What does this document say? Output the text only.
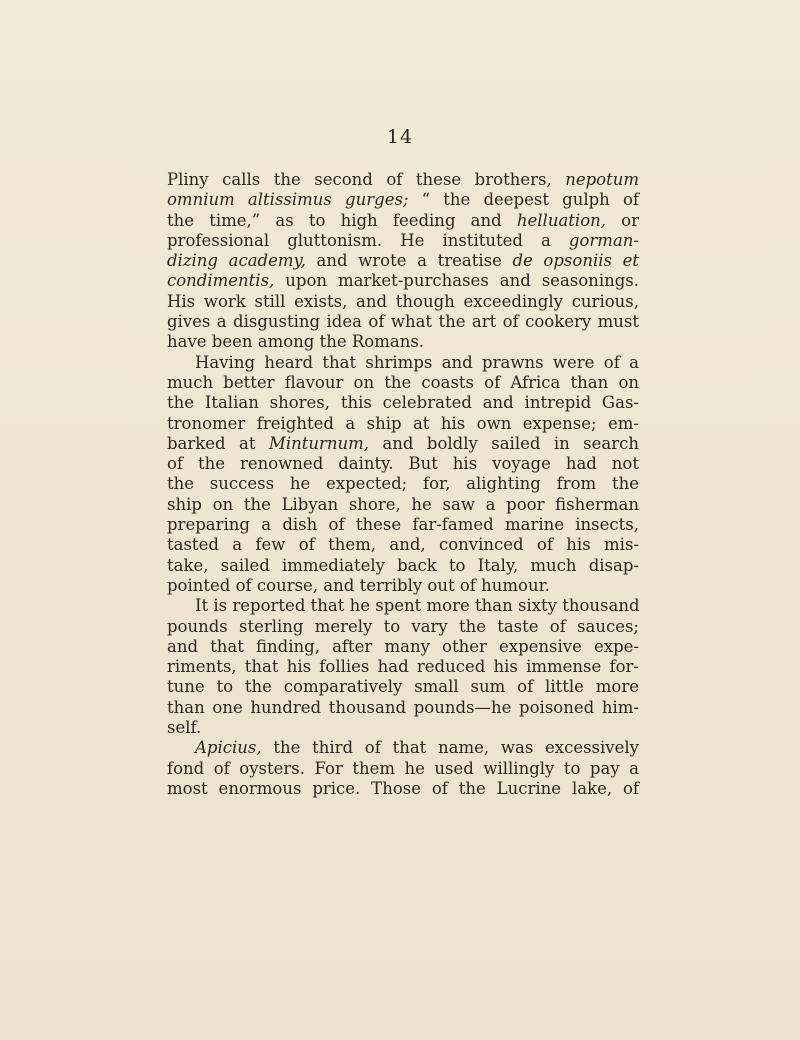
14
Pliny calls the second of these brothers, nepotum
omnium altissimus gurges; “ the deepest gulph of
the time,” as to high feeding and helluation, or
professional gluttonism. He instituted a gorman-
dizing academy, and wrote a treatise de opsoniis et
condimentis, upon market-purchases and seasonings.
His work still exists, and though exceedingly curious,
gives a disgusting idea of what the art of cookery must
have been among the Romans.
Having heard that shrimps and prawns were of a
much better flavour on the coasts of Africa than on
the Italian shores, this celebrated and intrepid Gas-
tronomer freighted a ship at his own expense; em-
barked at Minturnum, and boldly sailed in search
of the renowned dainty. But his voyage had not
the success he expected; for, alighting from the
ship on the Libyan shore, he saw a poor fisherman
preparing a dish of these far-famed marine insects,
tasted a few of them, and, convinced of his mis-
take, sailed immediately back to Italy, much disap-
pointed of course, and terribly out of humour.
It is reported that he spent more than sixty thousand
pounds sterling merely to vary the taste of sauces;
and that finding, after many other expensive expe-
riments, that his follies had reduced his immense for-
tune to the comparatively small sum of little more
than one hundred thousand pounds—he poisoned him-
self.
Apicius, the third of that name, was excessively
fond of oysters. For them he used willingly to pay a
most enormous price. Those of the Lucrine lake, of
